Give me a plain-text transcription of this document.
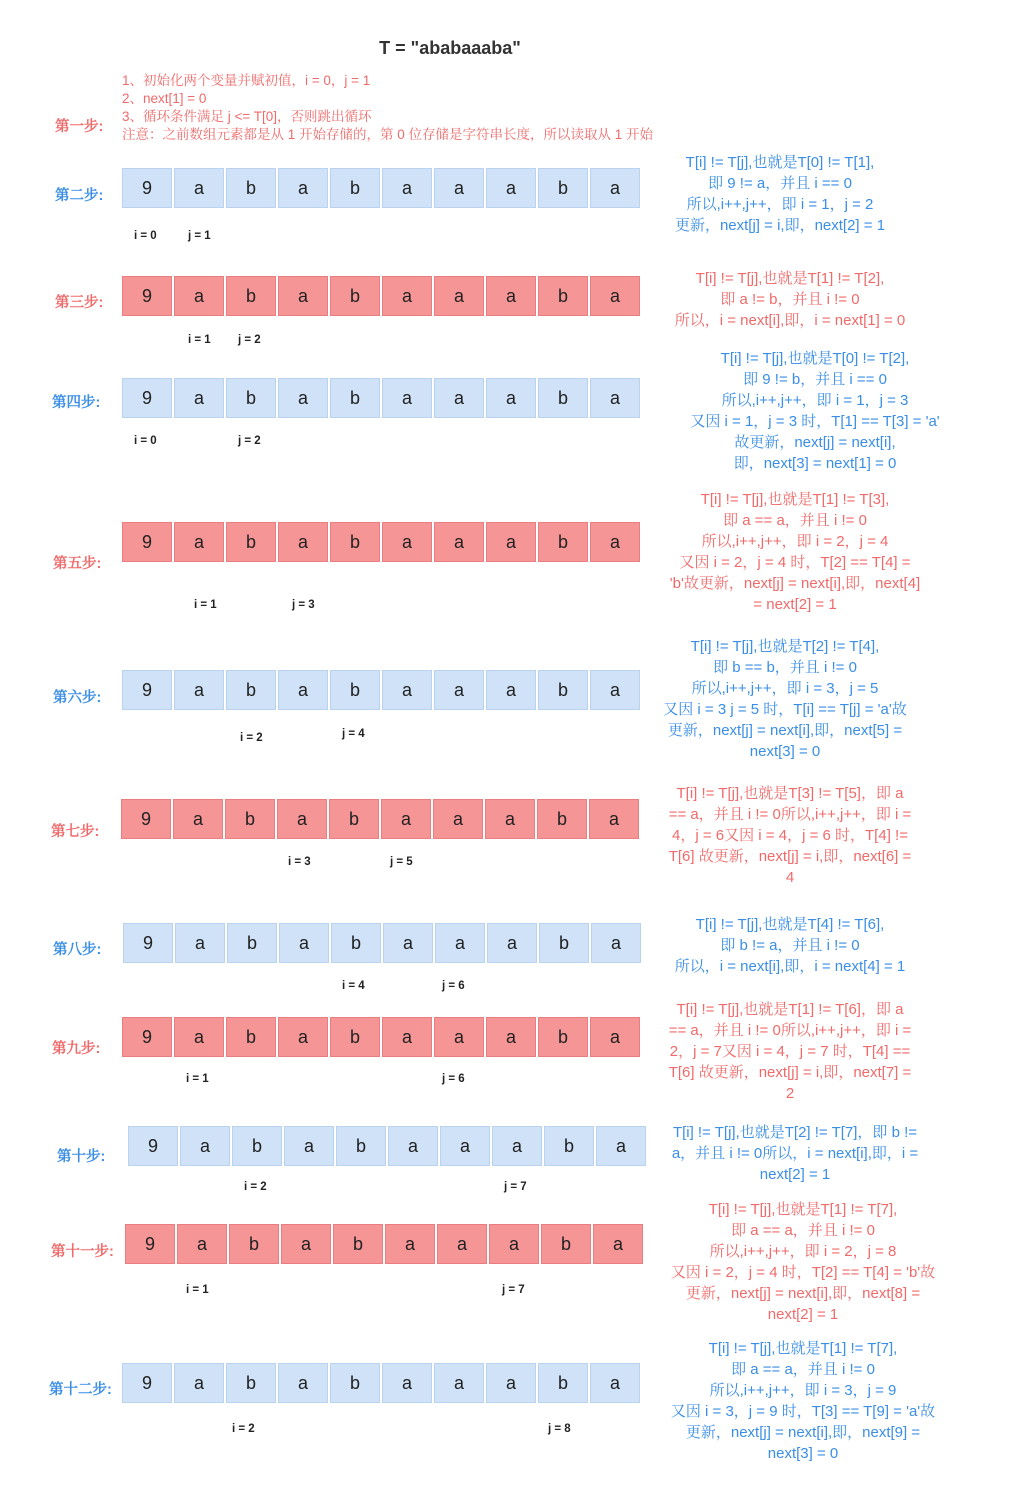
T = "ababaaaba"
第一步:
1、初始化两个变量并赋初值，i = 0，j = 1
2、next[1] = 0
3、循环条件满足 j <= T[0]，否则跳出循环
注意：之前数组元素都是从 1 开始存储的，第 0 位存储是字符串长度，所以读取从 1 开始
第二步:	9	a	b	a	b	a	a	a	b	a
i = 0	j = 1
T[i] != T[j],也就是T[0] != T[1],
即 9 != a，并且 i == 0
所以,i++,j++，即 i = 1，j = 2
更新，next[j] = i,即，next[2] = 1
第三步:	9	a	b	a	b	a	a	a	b	a
i = 1 j = 2
T[i] != T[j],也就是T[1] != T[2],
即 a != b，并且 i != 0
所以，i = next[i],即，i = next[1] = 0
第四步:	9	a	b	a	b	a	a	a	b	a
i = 0	j = 2
T[i] != T[j],也就是T[0] != T[2],
即 9 != b，并且 i == 0
所以,i++,j++，即 i = 1，j = 3
又因 i = 1，j = 3 时，T[1] == T[3] = 'a'
故更新，next[j] = next[i],
即，next[3] = next[1] = 0
第五步:
9	a	b	a	b	a	a	a	b	a
i = 1	j = 3
T[i] != T[j],也就是T[1] != T[3],
即 a == a，并且 i != 0
所以,i++,j++，即 i = 2，j = 4
又因 i = 2，j = 4 时，T[2] == T[4] =
'b'故更新，next[j] = next[i],即，next[4]
= next[2] = 1
第六步:	9	a	b	a	b	a	a	a	b	a
i = 2	j = 4
T[i] != T[j],也就是T[2] != T[4],
即 b == b，并且 i != 0
所以,i++,j++，即 i = 3，j = 5
又因 i = 3 j = 5 时，T[i] == T[j] = 'a'故
更新，next[j] = next[i],即，next[5] =
next[3] = 0
第七步:
9	a	b	a	b	a	a	a	b	a
i = 3	j = 5
T[i] != T[j],也就是T[3] != T[5]，即 a
== a，并且 i != 0所以,i++,j++，即 i =
4，j = 6又因 i = 4，j = 6 时，T[4] !=
T[6] 故更新，next[j] = i,即，next[6] =
4
第八步:	9	a	b	a	b	a	a	a	b	a
i = 4	j = 6
T[i] != T[j],也就是T[4] != T[6],
即 b != a，并且 i != 0
所以，i = next[i],即，i = next[4] = 1
第九步:
9	a	b	a	b	a	a	a	b	a
i = 1	j = 6
T[i] != T[j],也就是T[1] != T[6]，即 a
== a，并且 i != 0所以,i++,j++，即 i =
2，j = 7又因 i = 4，j = 7 时，T[4] ==
T[6] 故更新，next[j] = i,即，next[7] =
2
第十步:
9	a	b	a	b	a	a	a	b	a
i = 2	j = 7
T[i] != T[j],也就是T[2] != T[7]，即 b !=
a，并且 i != 0所以，i = next[i],即，i =
next[2] = 1
第十一步:	9	a	b	a	b	a	a	a	b	a
i = 1	j = 7
T[i] != T[j],也就是T[1] != T[7],
即 a == a，并且 i != 0
所以,i++,j++，即 i = 2，j = 8
又因 i = 2，j = 4 时，T[2] == T[4] = 'b'故
更新，next[j] = next[i],即，next[8] =
next[2] = 1
第十二步:	9	a	b	a	b	a	a	a	b	a
i = 2	j = 8
T[i] != T[j],也就是T[1] != T[7],
即 a == a，并且 i != 0
所以,i++,j++，即 i = 3，j = 9
又因 i = 3，j = 9 时，T[3] == T[9] = 'a'故
更新，next[j] = next[i],即，next[9] =
next[3] = 0
